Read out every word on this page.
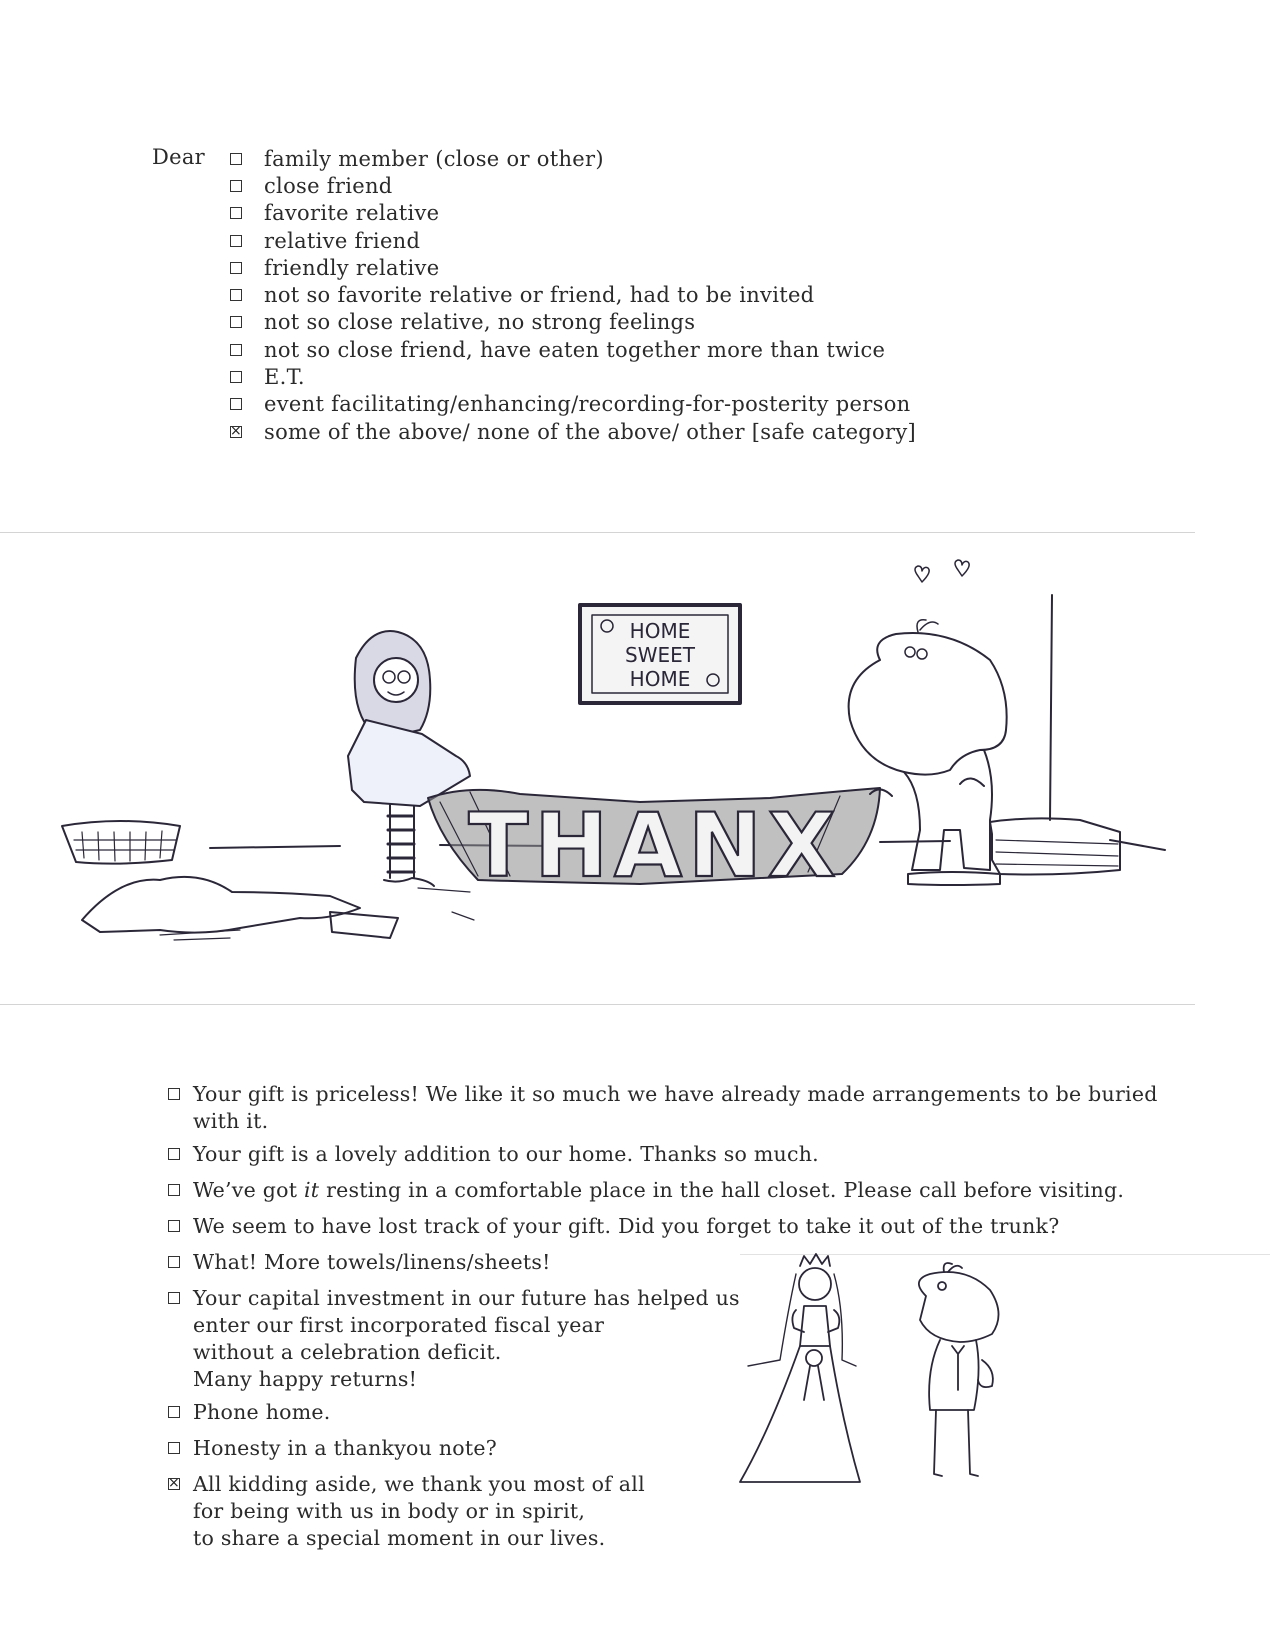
Dear	family member (close or other)
close friend
favorite relative
relative friend
friendly relative
not so favorite relative or friend, had to be invited
not so close relative, no strong feelings
not so close friend, have eaten together more than twice
E.T.
event facilitating/enhancing/recording-for-posterity person
×
some of the above/ none of the above/ other [safe category]
HOME
SWEET
HOME
THANX
Your gift is priceless! We like it so much we have already made arrangements to be buried
with it.
Your gift is a lovely addition to our home. Thanks so much.
We’ve got it resting in a comfortable place in the hall closet. Please call before visiting.
We seem to have lost track of your gift. Did you forget to take it out of the trunk?
What! More towels/linens/sheets!
Your capital investment in our future has helped us
enter our first incorporated fiscal year
without a celebration deficit.
Many happy returns!
Phone home.
Honesty in a thankyou note?
×
All kidding aside, we thank you most of all
for being with us in body or in spirit,
to share a special moment in our lives.
